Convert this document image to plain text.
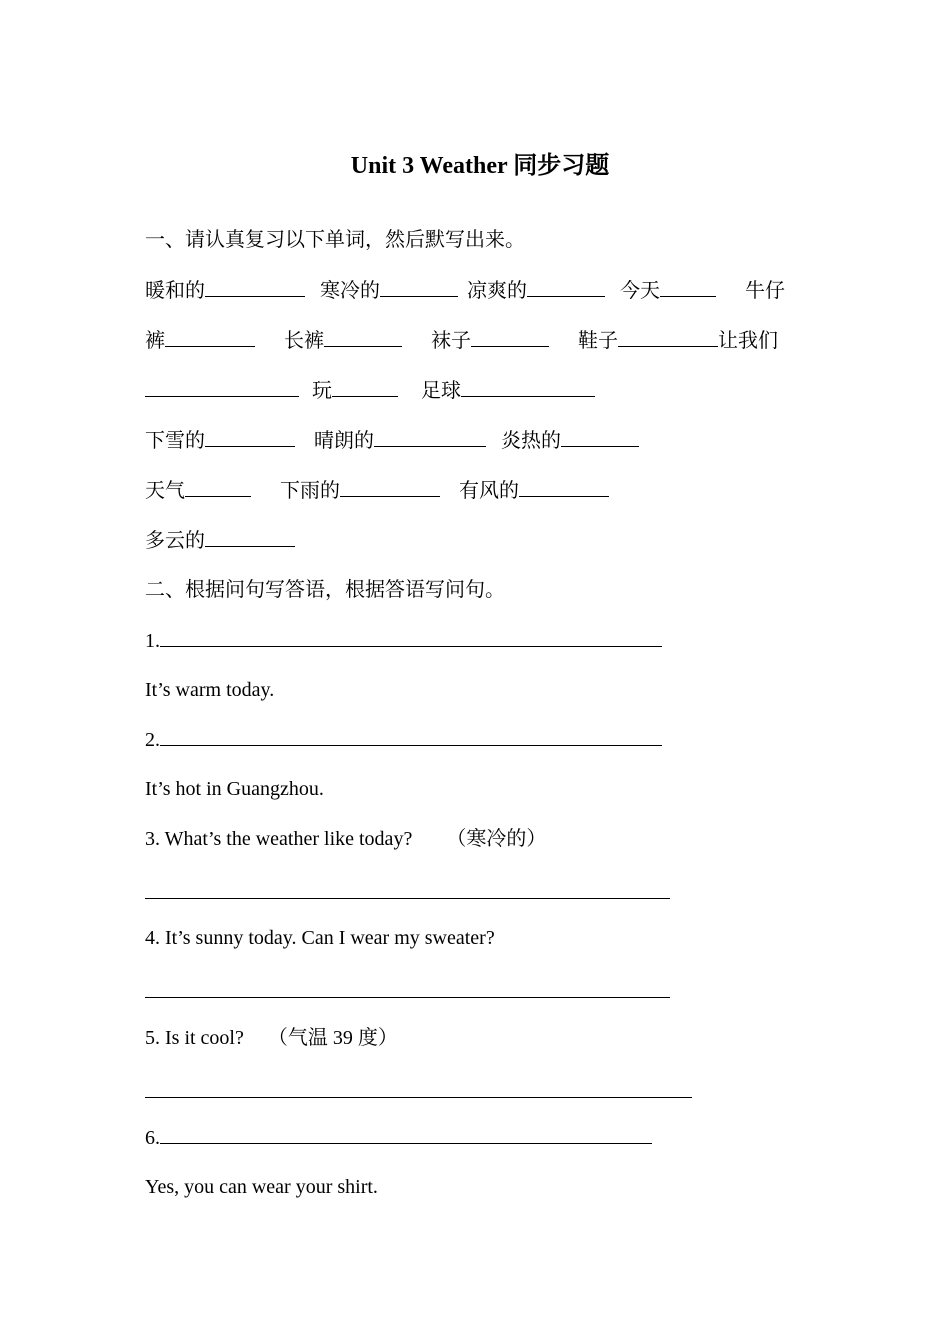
Unit 3 Weather 同步习题
一、请认真复习以下单词，然后默写出来。
暖和的	寒冷的	凉爽的	今天	牛仔
裤	长裤	袜子	鞋子	让我们
玩	足球
下雪的	晴朗的	炎热的
天气	下雨的	有风的
多云的
二、根据问句写答语，根据答语写问句。
1.
It’s warm today.
2.
It’s hot in Guangzhou.
3. What’s the weather like today? （寒冷的）
4. It’s sunny today. Can I wear my sweater?
5. Is it cool? （气温 39 度）
6.
Yes, you can wear your shirt.
